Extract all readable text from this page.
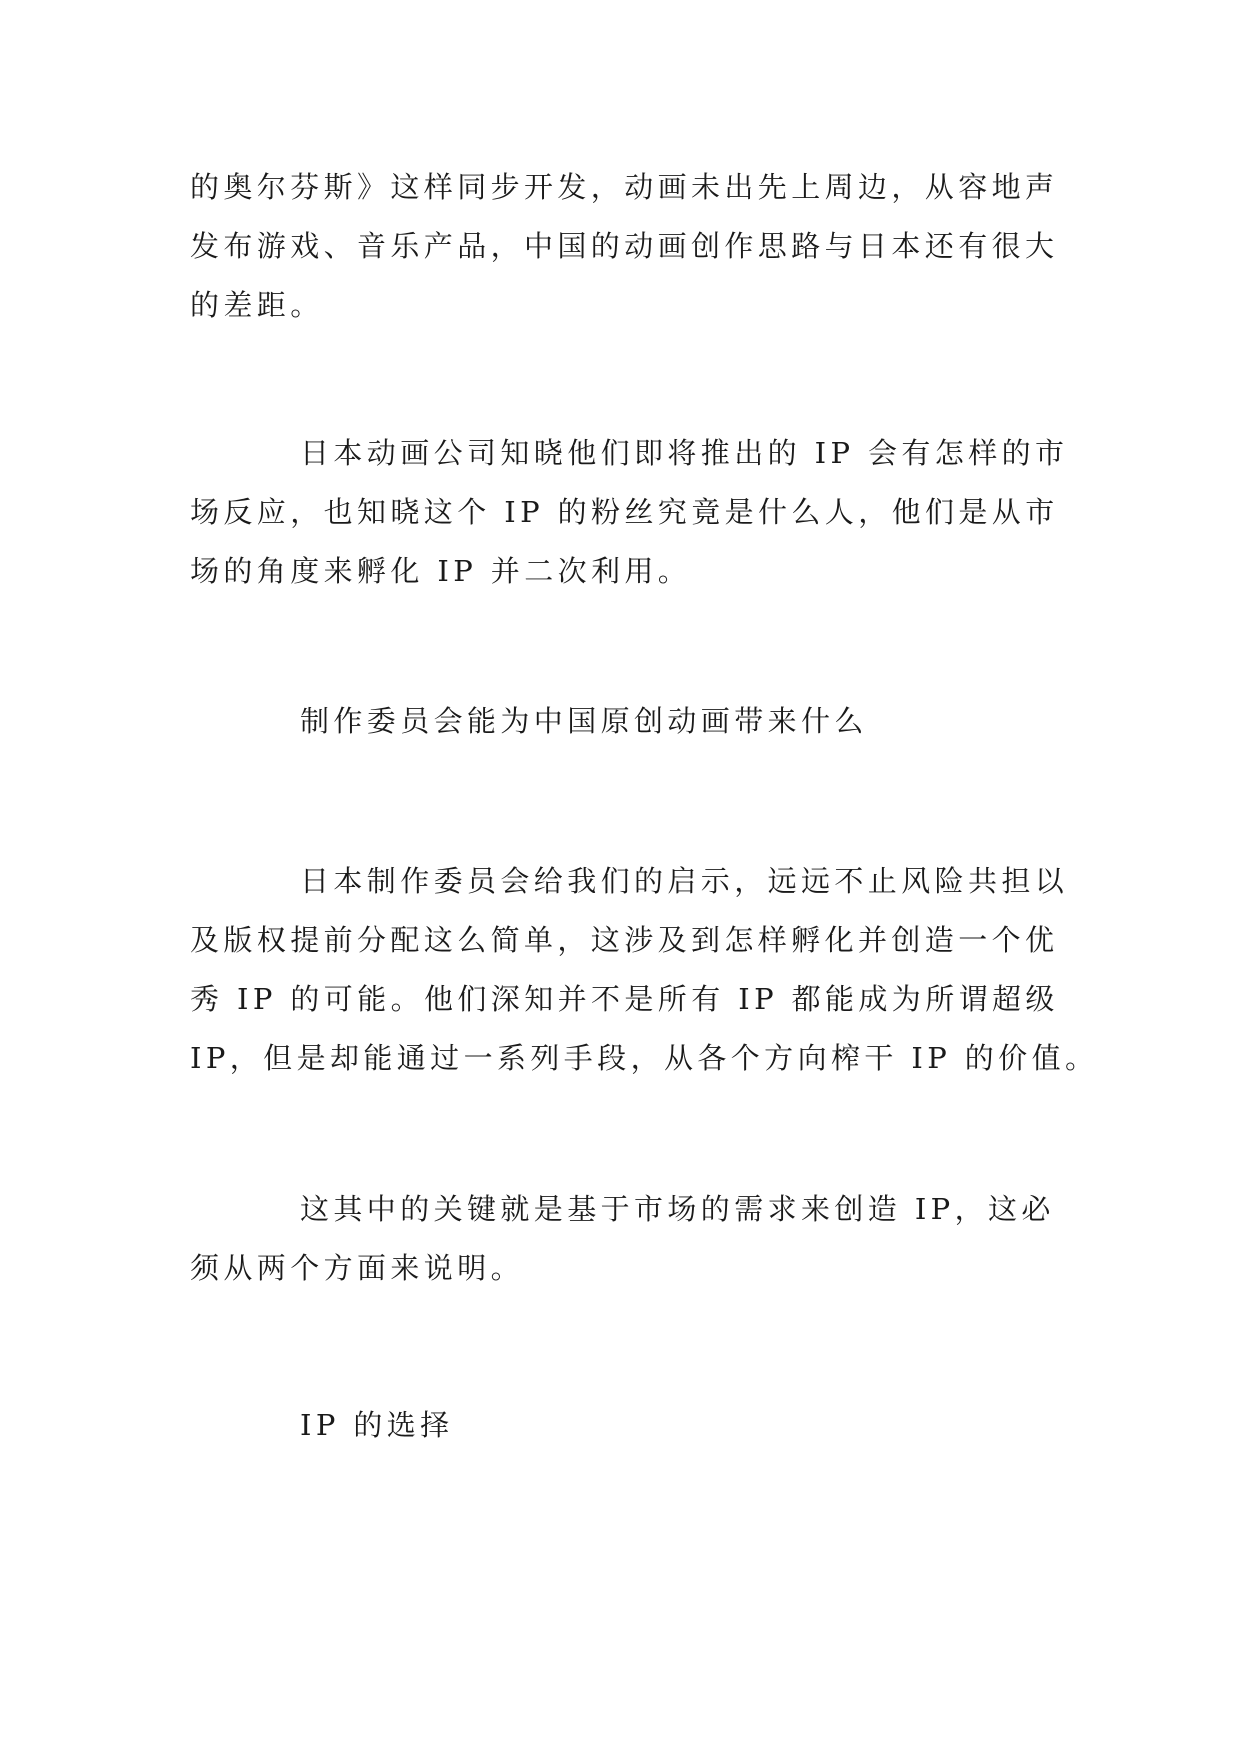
的奥尔芬斯》这样同步开发，动画未出先上周边，从容地声
发布游戏、音乐产品，中国的动画创作思路与日本还有很大
的差距。

日本动画公司知晓他们即将推出的 IP 会有怎样的市
场反应，也知晓这个 IP 的粉丝究竟是什么人，他们是从市
场的角度来孵化 IP 并二次利用。

制作委员会能为中国原创动画带来什么

日本制作委员会给我们的启示，远远不止风险共担以
及版权提前分配这么简单，这涉及到怎样孵化并创造一个优
秀 IP 的可能。他们深知并不是所有 IP 都能成为所谓超级
IP，但是却能通过一系列手段，从各个方向榨干 IP 的价值。

这其中的关键就是基于市场的需求来创造 IP，这必
须从两个方面来说明。

IP 的选择
